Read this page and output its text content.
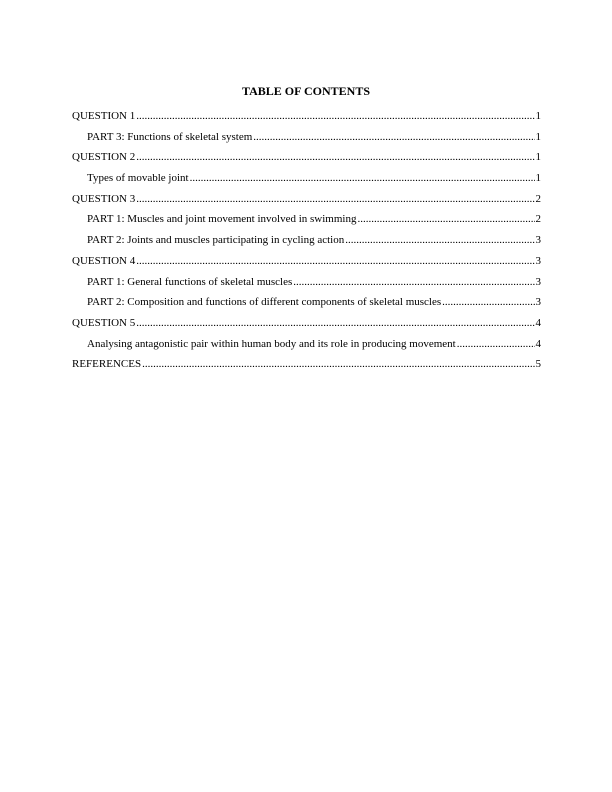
TABLE OF CONTENTS
QUESTION 1 .....	1
PART 3: Functions of skeletal system .....	1
QUESTION 2 .....	1
Types of movable joint .....	1
QUESTION 3 .....	2
PART 1: Muscles and joint movement involved in swimming .....	2
PART 2: Joints and muscles participating in cycling action .....	3
QUESTION 4 .....	3
PART 1: General functions of skeletal muscles .....	3
PART 2: Composition and functions of different components of skeletal muscles .....	3
QUESTION 5 .....	4
Analysing antagonistic pair within human body and its role in producing movement .....	4
REFERENCES .....	5
